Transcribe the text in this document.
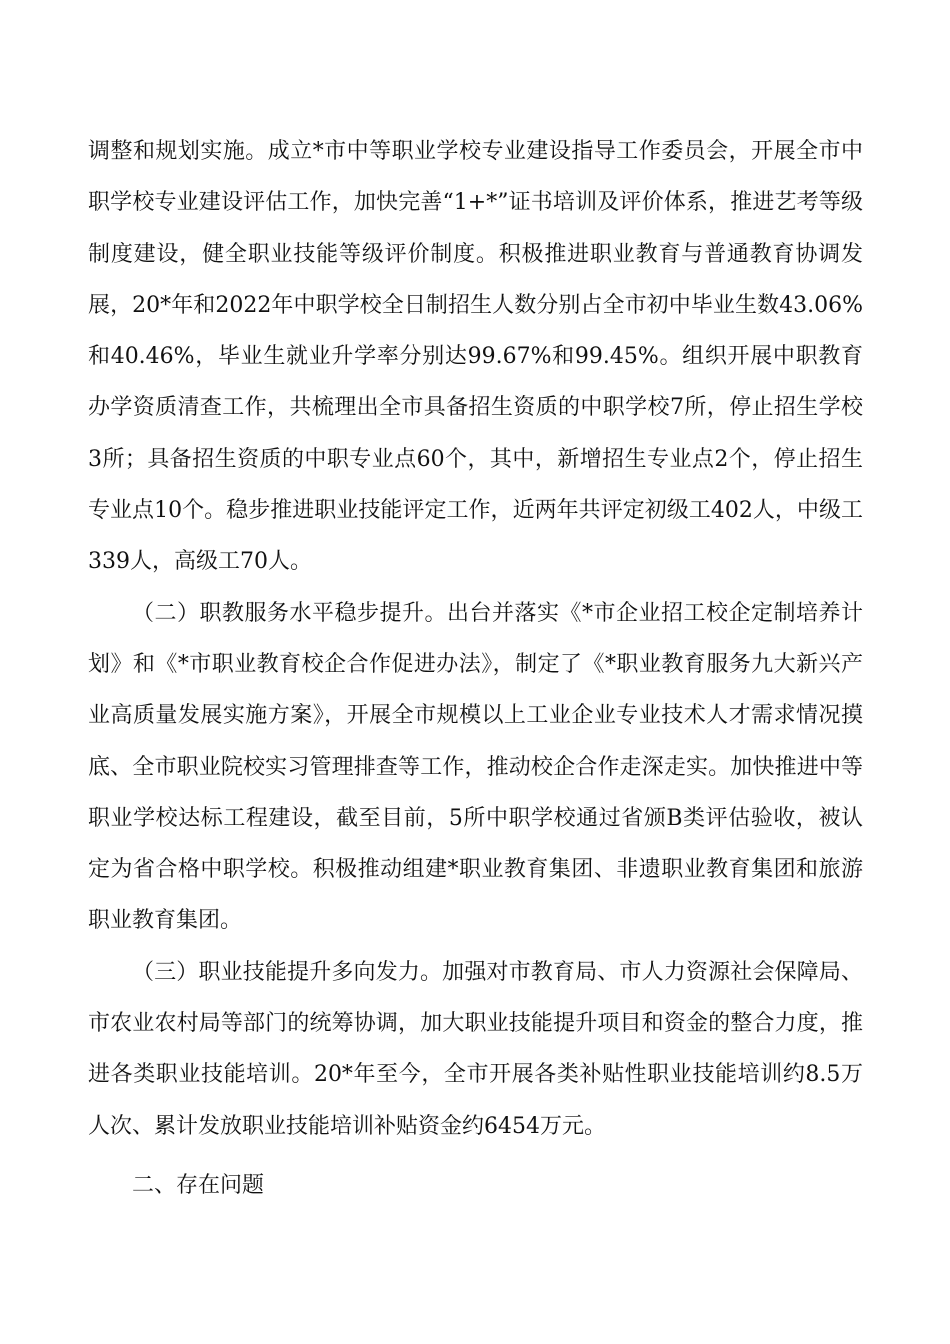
调整和规划实施。成立*市中等职业学校专业建设指导工作委员会，开展全市中职学校专业建设评估工作，加快完善“1+*”证书培训及评价体系，推进艺考等级制度建设，健全职业技能等级评价制度。积极推进职业教育与普通教育协调发展，20*年和2022年中职学校全日制招生人数分别占全市初中毕业生数43.06%和40.46%，毕业生就业升学率分别达99.67%和99.45%。组织开展中职教育办学资质清查工作，共梳理出全市具备招生资质的中职学校7所，停止招生学校3所；具备招生资质的中职专业点60个，其中，新增招生专业点2个，停止招生专业点10个。稳步推进职业技能评定工作，近两年共评定初级工402人，中级工339人，高级工70人。

（二）职教服务水平稳步提升。出台并落实《*市企业招工校企定制培养计划》和《*市职业教育校企合作促进办法》，制定了《*职业教育服务九大新兴产业高质量发展实施方案》，开展全市规模以上工业企业专业技术人才需求情况摸底、全市职业院校实习管理排查等工作，推动校企合作走深走实。加快推进中等职业学校达标工程建设，截至目前，5所中职学校通过省颁B类评估验收，被认定为省合格中职学校。积极推动组建*职业教育集团、非遗职业教育集团和旅游职业教育集团。

（三）职业技能提升多向发力。加强对市教育局、市人力资源社会保障局、市农业农村局等部门的统筹协调，加大职业技能提升项目和资金的整合力度，推进各类职业技能培训。20*年至今，全市开展各类补贴性职业技能培训约8.5万人次、累计发放职业技能培训补贴资金约6454万元。

二、存在问题
